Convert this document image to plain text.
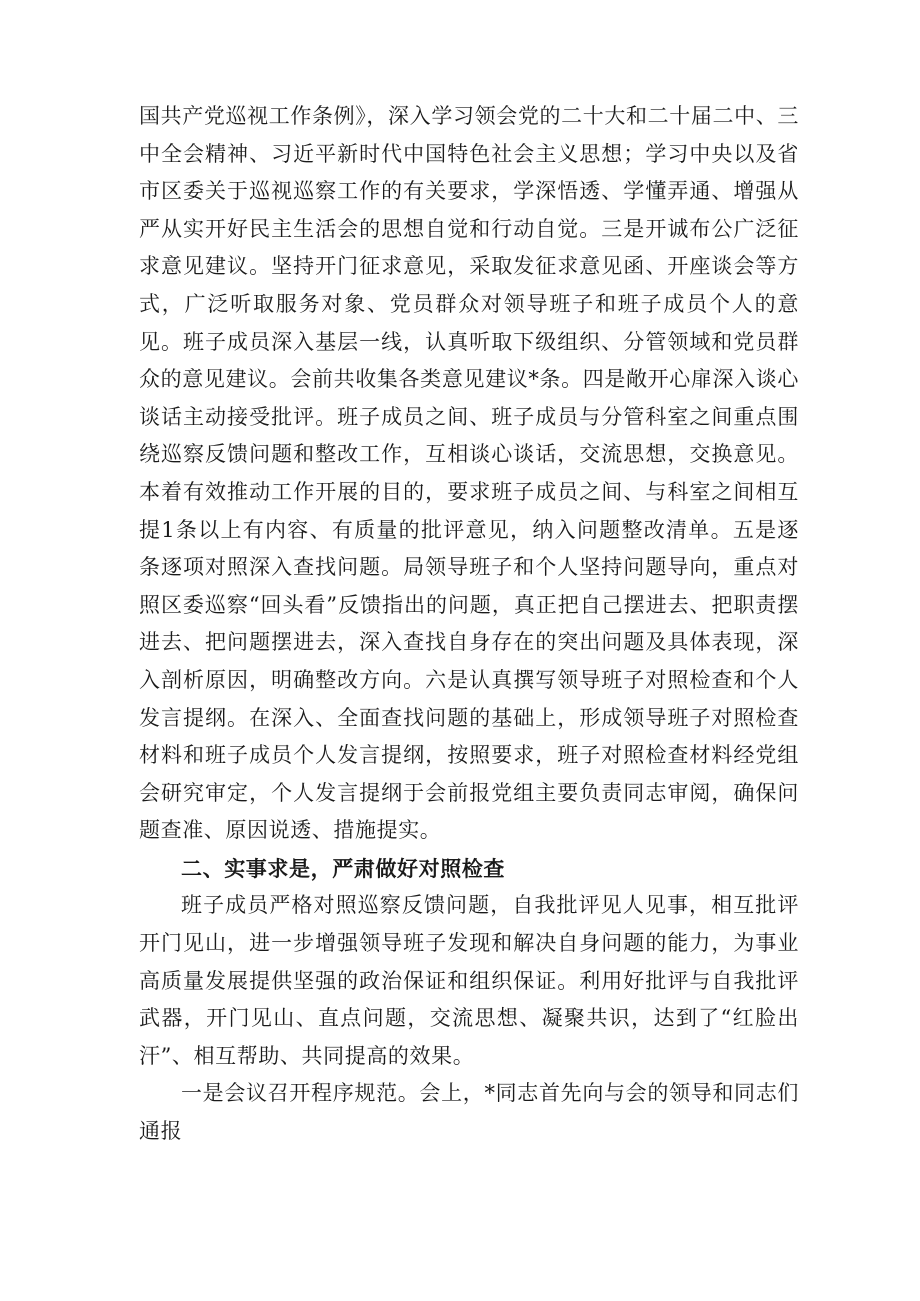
国共产党巡视工作条例》，深入学习领会党的二十大和二十届二中、三中全会精神、习近平新时代中国特色社会主义思想；学习中央以及省市区委关于巡视巡察工作的有关要求，学深悟透、学懂弄通、增强从严从实开好民主生活会的思想自觉和行动自觉。三是开诚布公广泛征求意见建议。坚持开门征求意见，采取发征求意见函、开座谈会等方式，广泛听取服务对象、党员群众对领导班子和班子成员个人的意见。班子成员深入基层一线，认真听取下级组织、分管领域和党员群众的意见建议。会前共收集各类意见建议*条。四是敞开心扉深入谈心谈话主动接受批评。班子成员之间、班子成员与分管科室之间重点围绕巡察反馈问题和整改工作，互相谈心谈话，交流思想，交换意见。本着有效推动工作开展的目的，要求班子成员之间、与科室之间相互提1条以上有内容、有质量的批评意见，纳入问题整改清单。五是逐条逐项对照深入查找问题。局领导班子和个人坚持问题导向，重点对照区委巡察“回头看”反馈指出的问题，真正把自己摆进去、把职责摆进去、把问题摆进去，深入查找自身存在的突出问题及具体表现，深入剖析原因，明确整改方向。六是认真撰写领导班子对照检查和个人发言提纲。在深入、全面查找问题的基础上，形成领导班子对照检查材料和班子成员个人发言提纲，按照要求，班子对照检查材料经党组会研究审定，个人发言提纲于会前报党组主要负责同志审阅，确保问题查准、原因说透、措施提实。

二、实事求是，严肃做好对照检查

班子成员严格对照巡察反馈问题，自我批评见人见事，相互批评开门见山，进一步增强领导班子发现和解决自身问题的能力，为事业高质量发展提供坚强的政治保证和组织保证。利用好批评与自我批评武器，开门见山、直点问题，交流思想、凝聚共识，达到了“红脸出汗”、相互帮助、共同提高的效果。

一是会议召开程序规范。会上，*同志首先向与会的领导和同志们通报
